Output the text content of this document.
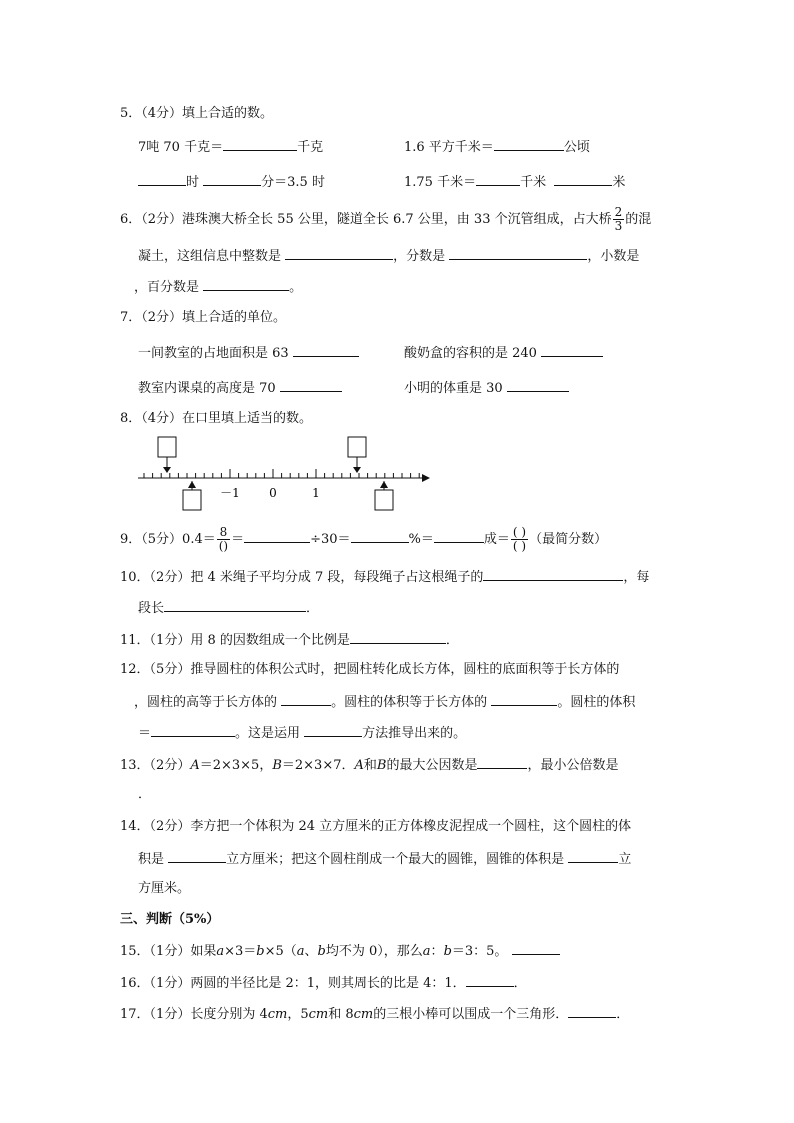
5．（4分）填上合适的数。
7吨 70 千克＝	千克	1.6 平方千米＝	公顷
时	分＝3.5 时	1.75 千米＝	千米	米
6．（2分）港珠澳大桥全长 55 公里，隧道全长 6.7 公里，由 33 个沉管组成，占大桥 $\frac{2}{3}$ 的混
凝土，这组信息中整数是	，分数是	，小数是
，百分数是	。
7．（2分）填上合适的单位。
一间教室的占地面积是 63	酸奶盒的容积的是 240
教室内课桌的高度是 70	小明的体重是 30
8．（4分）在口里填上适当的数。
－1 0	1
9．（5分）$0.4= \frac{8}{()}$ ＝	÷30＝	%＝	成＝ $\frac{( )}{( )}$ （最简分数）
10．（2分）把 4 米绳子平均分成 7 段，每段绳子占这根绳子的	，每
段长	．
11．（1分）用 8 的因数组成一个比例是	．
12．（5分）推导圆柱的体积公式时，把圆柱转化成长方体，圆柱的底面积等于长方体的
，圆柱的高等于长方体的	。圆柱的体积等于长方体的	。圆柱的体积
＝	。这是运用	方法推导出来的。
13．（2分）A＝2×3×5，B＝2×3×7．A和B的最大公因数是	，最小公倍数是
．
14．（2分）李方把一个体积为 24 立方厘米的正方体橡皮泥捏成一个圆柱，这个圆柱的体
积是	立方厘米；把这个圆柱削成一个最大的圆锥，圆锥的体积是	立
方厘米。
三、判断（5%）
15．（1分）如果a×3＝b×5（a、b均不为 0），那么a：b＝3：5。
16．（1分）两圆的半径比是 2：1，则其周长的比是 4：1．	．
17．（1分）长度分别为 4cm，5cm和 8cm的三根小棒可以围成一个三角形．	．
